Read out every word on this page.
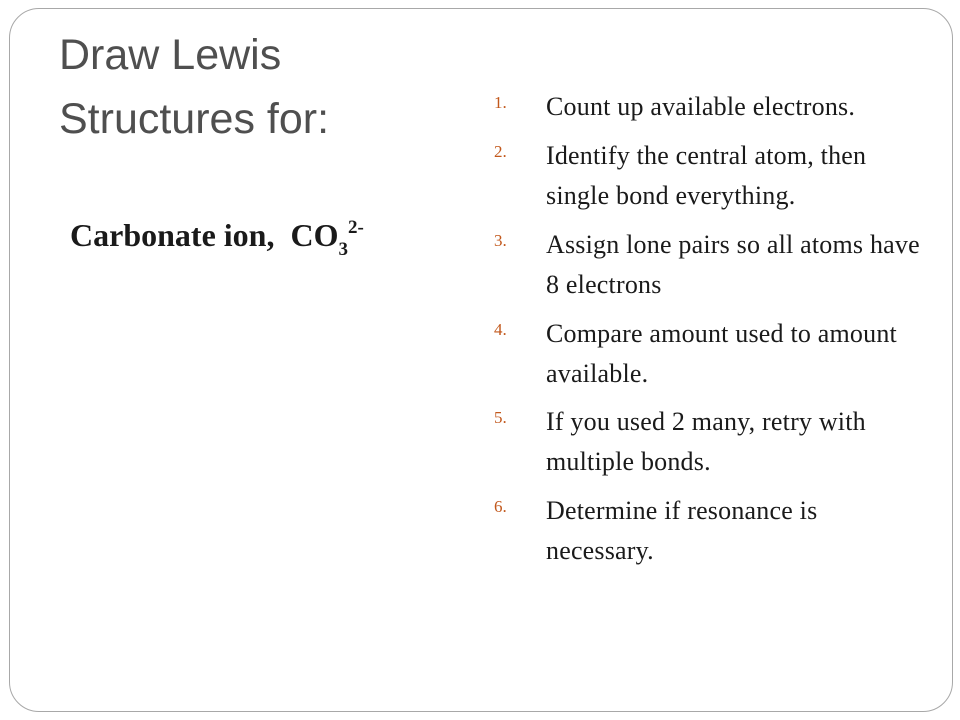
Draw Lewis
Structures for:
Carbonate ion, $CO_3^{2-}$
1. Count up available electrons.
2. Identify the central atom, then single bond everything.
3. Assign lone pairs so all atoms have 8 electrons
4. Compare amount used to amount available.
5. If you used 2 many, retry with multiple bonds.
6. Determine if resonance is necessary.
